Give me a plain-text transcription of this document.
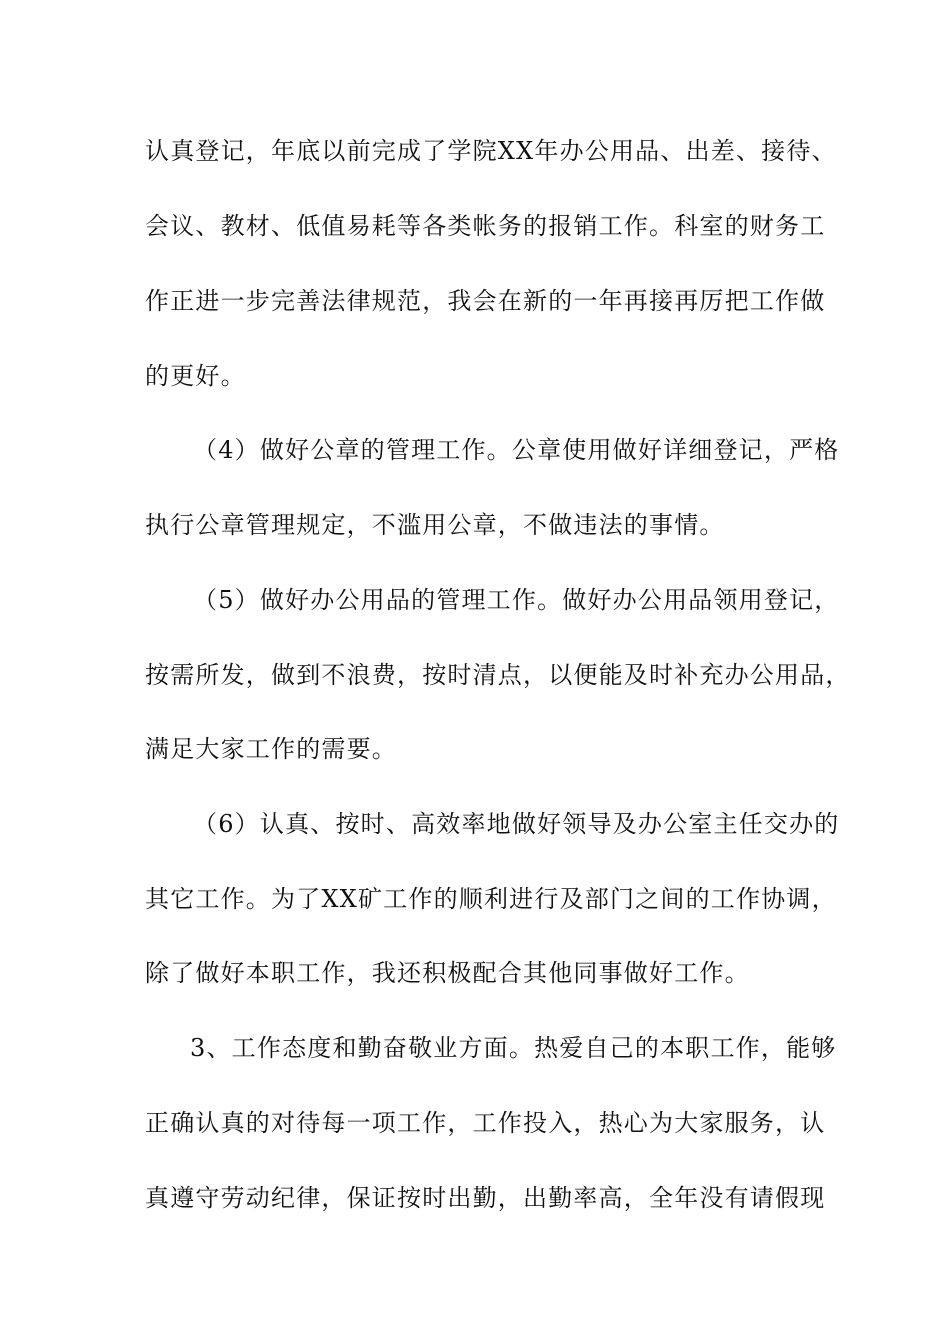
认真登记，年底以前完成了学院XX年办公用品、出差、接待、
会议、教材、低值易耗等各类帐务的报销工作。科室的财务工
作正进一步完善法律规范，我会在新的一年再接再厉把工作做
的更好。
（4）做好公章的管理工作。公章使用做好详细登记，严格
执行公章管理规定，不滥用公章，不做违法的事情。
（5）做好办公用品的管理工作。做好办公用品领用登记，
按需所发，做到不浪费，按时清点，以便能及时补充办公用品，
满足大家工作的需要。
（6）认真、按时、高效率地做好领导及办公室主任交办的
其它工作。为了XX矿工作的顺利进行及部门之间的工作协调，
除了做好本职工作，我还积极配合其他同事做好工作。
3、工作态度和勤奋敬业方面。热爱自己的本职工作，能够
正确认真的对待每一项工作，工作投入，热心为大家服务，认
真遵守劳动纪律，保证按时出勤，出勤率高，全年没有请假现
